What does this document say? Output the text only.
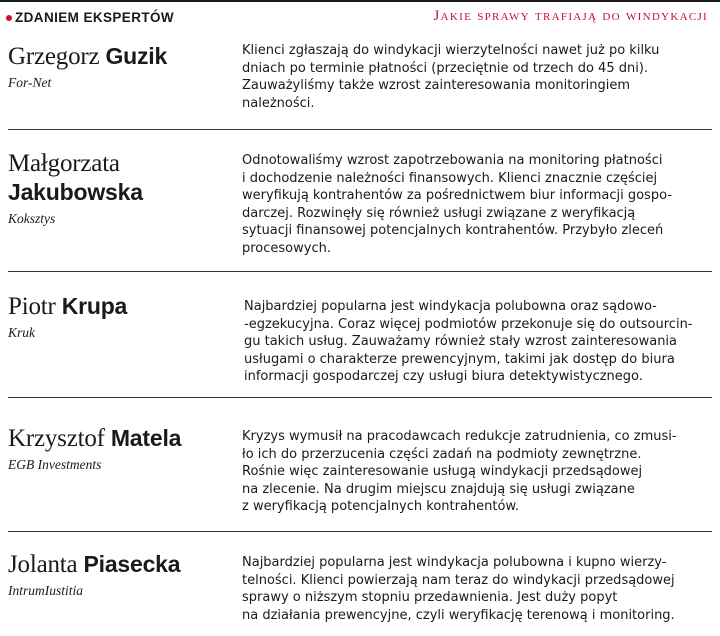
ZDANIEM EKSPERTÓW	Jakie sprawy trafiają do windykacji
Grzegorz Guzik
For-Net
Klienci zgłaszają do windykacji wierzytelności nawet już po kilku
dniach po terminie płatności (przeciętnie od trzech do 45 dni).
Zauważyliśmy także wzrost zainteresowania monitoringiem
należności.
Małgorzata
Jakubowska
Koksztys
Odnotowaliśmy wzrost zapotrzebowania na monitoring płatności
i dochodzenie należności finansowych. Klienci znacznie częściej
weryfikują kontrahentów za pośrednictwem biur informacji gospo-
darczej. Rozwinęły się również usługi związane z weryfikacją
sytuacji finansowej potencjalnych kontrahentów. Przybyło zleceń
procesowych.
Piotr Krupa
Kruk
Najbardziej popularna jest windykacja polubowna oraz sądowo-
-egzekucyjna. Coraz więcej podmiotów przekonuje się do outsourcin-
gu takich usług. Zauważamy również stały wzrost zainteresowania
usługami o charakterze prewencyjnym, takimi jak dostęp do biura
informacji gospodarczej czy usługi biura detektywistycznego.
Krzysztof Matela
EGB Investments
Kryzys wymusił na pracodawcach redukcje zatrudnienia, co zmusi-
ło ich do przerzucenia części zadań na podmioty zewnętrzne.
Rośnie więc zainteresowanie usługą windykacji przedsądowej
na zlecenie. Na drugim miejscu znajdują się usługi związane
z weryfikacją potencjalnych kontrahentów.
Jolanta Piasecka
IntrumIustitia
Najbardziej popularna jest windykacja polubowna i kupno wierzy-
telności. Klienci powierzają nam teraz do windykacji przedsądowej
sprawy o niższym stopniu przedawnienia. Jest duży popyt
na działania prewencyjne, czyli weryfikację terenową i monitoring.
